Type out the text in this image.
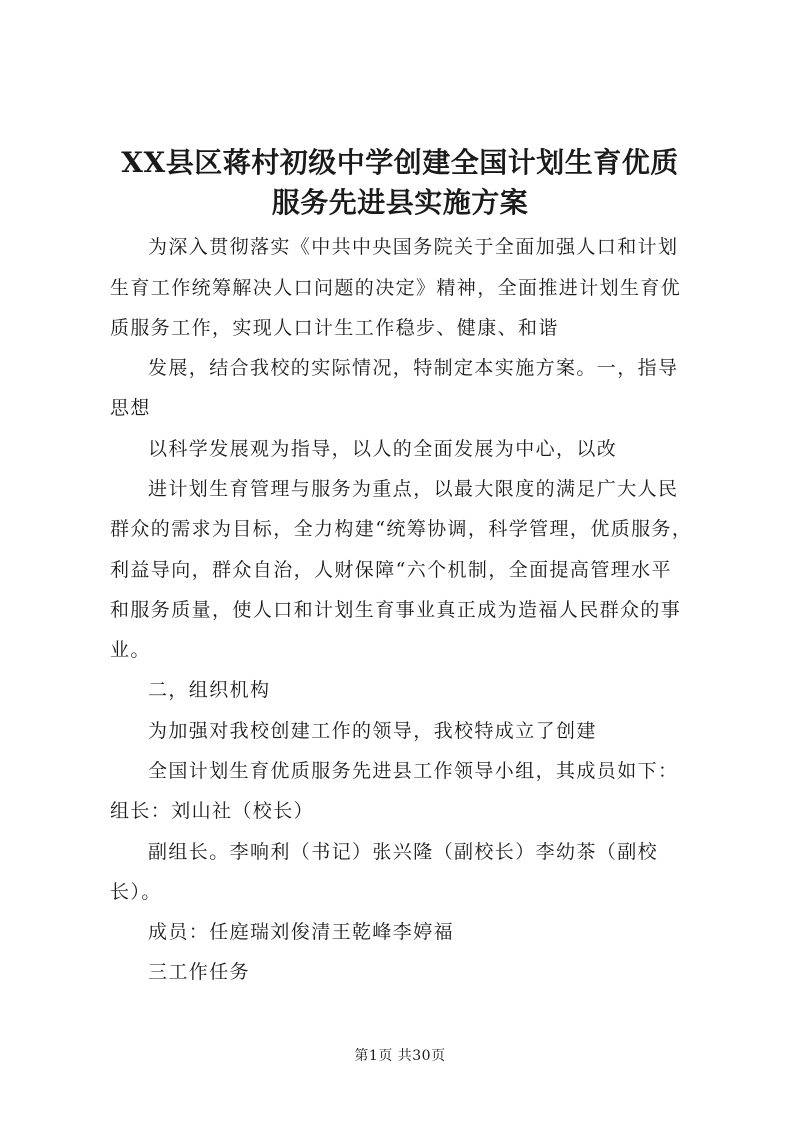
XX县区蒋村初级中学创建全国计划生育优质
服务先进县实施方案
为深入贯彻落实《中共中央国务院关于全面加强人口和计划
生育工作统筹解决人口问题的决定》精神，全面推进计划生育优
质服务工作，实现人口计生工作稳步、健康、和谐
发展，结合我校的实际情况，特制定本实施方案。一，指导
思想
以科学发展观为指导，以人的全面发展为中心，以改
进计划生育管理与服务为重点，以最大限度的满足广大人民
群众的需求为目标，全力构建“统筹协调，科学管理，优质服务，
利益导向，群众自治，人财保障“六个机制，全面提高管理水平
和服务质量，使人口和计划生育事业真正成为造福人民群众的事
业。
二，组织机构
为加强对我校创建工作的领导，我校特成立了创建
全国计划生育优质服务先进县工作领导小组，其成员如下：
组长：刘山社（校长）
副组长。李响利（书记）张兴隆（副校长）李幼茶（副校
长）。
成员：任庭瑞刘俊清王乾峰李婷福
三工作任务
第1页 共30页
